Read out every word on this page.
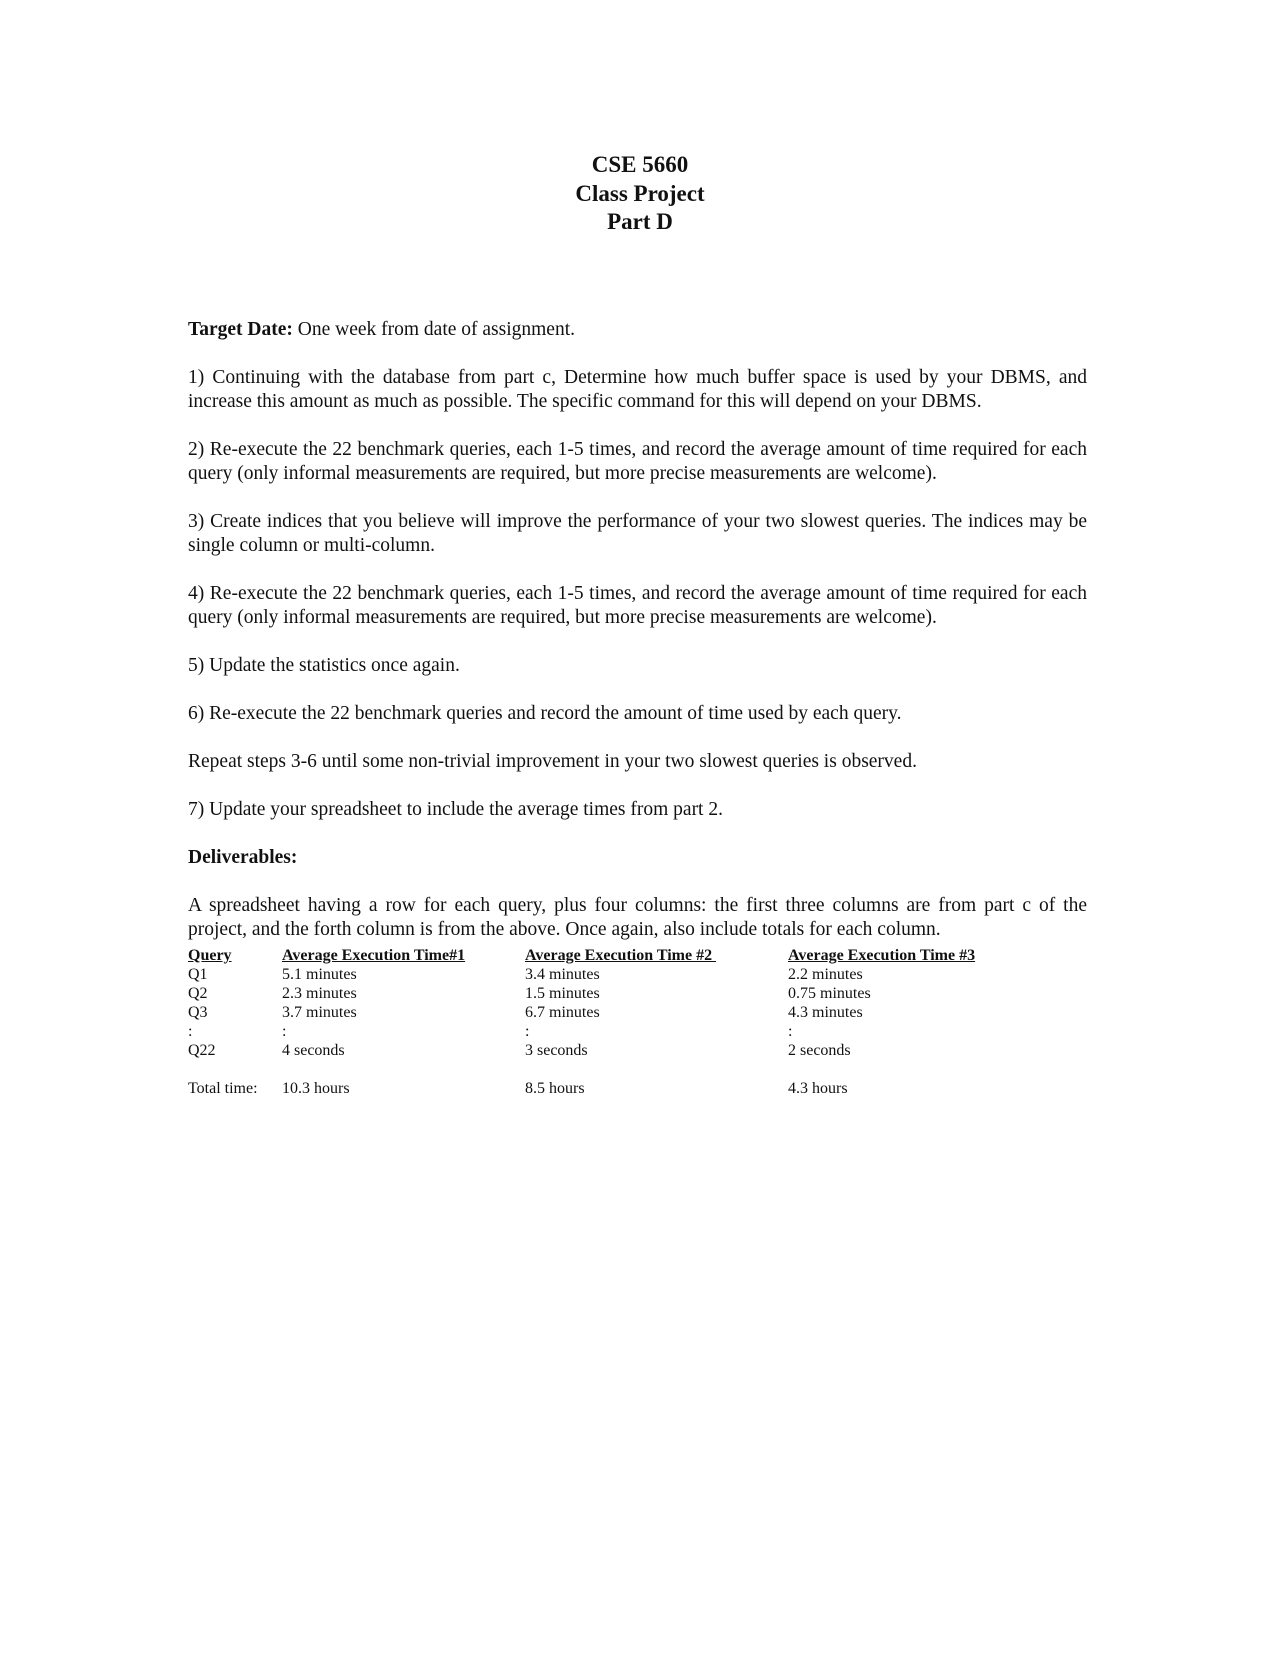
CSE 5660
Class Project
Part D

Target Date: One week from date of assignment.

1) Continuing with the database from part c, Determine how much buffer space is used by your DBMS, and increase this amount as much as possible. The specific command for this will depend on your DBMS.

2) Re-execute the 22 benchmark queries, each 1-5 times, and record the average amount of time required for each query (only informal measurements are required, but more precise measurements are welcome).

3) Create indices that you believe will improve the performance of your two slowest queries. The indices may be single column or multi-column.

4) Re-execute the 22 benchmark queries, each 1-5 times, and record the average amount of time required for each query (only informal measurements are required, but more precise measurements are welcome).

5) Update the statistics once again.

6) Re-execute the 22 benchmark queries and record the amount of time used by each query.

Repeat steps 3-6 until some non-trivial improvement in your two slowest queries is observed.

7) Update your spreadsheet to include the average times from part 2.

Deliverables:

A spreadsheet having a row for each query, plus four columns: the first three columns are from part c of the project, and the forth column is from the above. Once again, also include totals for each column.

Query	Average Execution Time#1	Average Execution Time #2	Average Execution Time #3
Q1	5.1 minutes	3.4 minutes	2.2 minutes
Q2	2.3 minutes	1.5 minutes	0.75 minutes
Q3	3.7 minutes	6.7 minutes	4.3 minutes
:	:	:	:
Q22	4 seconds	3 seconds	2 seconds
Total time:	10.3 hours	8.5 hours	4.3 hours
